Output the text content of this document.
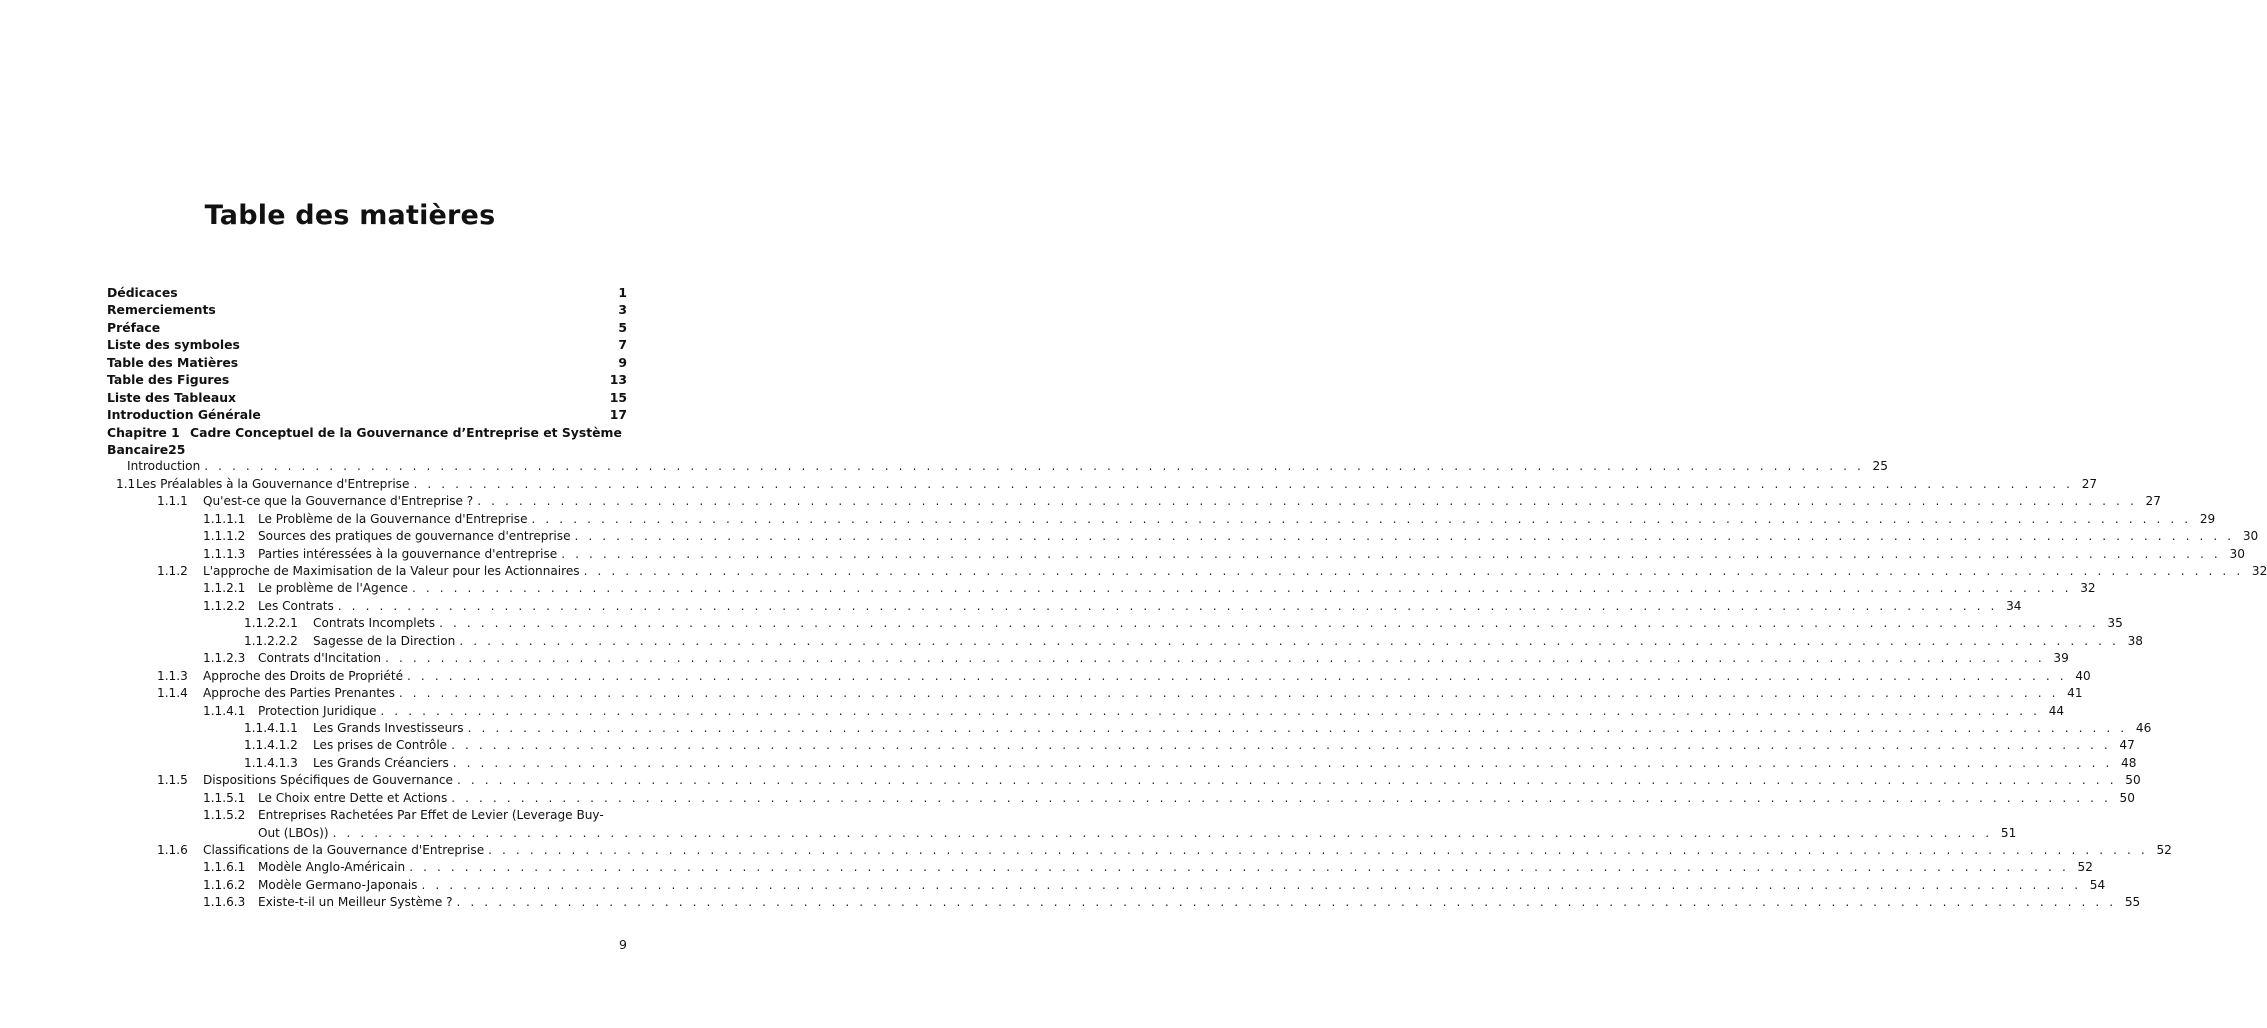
Table des matières
Dédicaces	1
Remerciements	3
Préface	5
Liste des symboles	7
Table des Matières	9
Table des Figures	13
Liste des Tableaux	15
Introduction Générale	17
Chapitre 1 Cadre Conceptuel de la Gouvernance d’Entreprise et Système
Bancaire 25
Introduction . . . . . . . . . . . . . . . . . . . . . . . . . . . . . . . . . . . . . . . . . . . . . . . . . . . . . . . . . . . . . . . . . . . . . . . . . . . . . . . . . . . . . . . . . . . . . . . . . . . . . . . . . . . . . . . . . . . . . . . . 25
1.1 Les Préalables à la Gouvernance d'Entreprise . . . . . . . . . . . . . . . . . . . . . . . . . . . . . . . . . . . . . . . . . . . . . . . . . . . . . . . . . . . . . . . . . . . . . . . . . . . . . . . . . . . . . . . . . . . . . . . . . . . . . . . . . . . . . . . . . . . . . . . . 27
1.1.1	Qu'est-ce que la Gouvernance d'Entreprise ? . . . . . . . . . . . . . . . . . . . . . . . . . . . . . . . . . . . . . . . . . . . . . . . . . . . . . . . . . . . . . . . . . . . . . . . . . . . . . . . . . . . . . . . . . . . . . . . . . . . . . . . . . . . . . . . . . . . . . . . . 27
1.1.1.1	Le Problème de la Gouvernance d'Entreprise . . . . . . . . . . . . . . . . . . . . . . . . . . . . . . . . . . . . . . . . . . . . . . . . . . . . . . . . . . . . . . . . . . . . . . . . . . . . . . . . . . . . . . . . . . . . . . . . . . . . . . . . . . . . . . . . . . . . . . . . 29
1.1.1.2	Sources des pratiques de gouvernance d'entreprise . . . . . . . . . . . . . . . . . . . . . . . . . . . . . . . . . . . . . . . . . . . . . . . . . . . . . . . . . . . . . . . . . . . . . . . . . . . . . . . . . . . . . . . . . . . . . . . . . . . . . . . . . . . . . . . . . . . . . . . . 30
1.1.1.3	Parties intéressées à la gouvernance d'entreprise . . . . . . . . . . . . . . . . . . . . . . . . . . . . . . . . . . . . . . . . . . . . . . . . . . . . . . . . . . . . . . . . . . . . . . . . . . . . . . . . . . . . . . . . . . . . . . . . . . . . . . . . . . . . . . . . . . . . . . . . 30
1.1.2	L'approche de Maximisation de la Valeur pour les Actionnaires . . . . . . . . . . . . . . . . . . . . . . . . . . . . . . . . . . . . . . . . . . . . . . . . . . . . . . . . . . . . . . . . . . . . . . . . . . . . . . . . . . . . . . . . . . . . . . . . . . . . . . . . . . . . . . . . . . . . . . . . 32
1.1.2.1	Le problème de l'Agence . . . . . . . . . . . . . . . . . . . . . . . . . . . . . . . . . . . . . . . . . . . . . . . . . . . . . . . . . . . . . . . . . . . . . . . . . . . . . . . . . . . . . . . . . . . . . . . . . . . . . . . . . . . . . . . . . . . . . . . . 32
1.1.2.2	Les Contrats . . . . . . . . . . . . . . . . . . . . . . . . . . . . . . . . . . . . . . . . . . . . . . . . . . . . . . . . . . . . . . . . . . . . . . . . . . . . . . . . . . . . . . . . . . . . . . . . . . . . . . . . . . . . . . . . . . . . . . . . 34
1.1.2.2.1	Contrats Incomplets . . . . . . . . . . . . . . . . . . . . . . . . . . . . . . . . . . . . . . . . . . . . . . . . . . . . . . . . . . . . . . . . . . . . . . . . . . . . . . . . . . . . . . . . . . . . . . . . . . . . . . . . . . . . . . . . . . . . . . . . 35
1.1.2.2.2	Sagesse de la Direction . . . . . . . . . . . . . . . . . . . . . . . . . . . . . . . . . . . . . . . . . . . . . . . . . . . . . . . . . . . . . . . . . . . . . . . . . . . . . . . . . . . . . . . . . . . . . . . . . . . . . . . . . . . . . . . . . . . . . . . . 38
1.1.2.3	Contrats d'Incitation . . . . . . . . . . . . . . . . . . . . . . . . . . . . . . . . . . . . . . . . . . . . . . . . . . . . . . . . . . . . . . . . . . . . . . . . . . . . . . . . . . . . . . . . . . . . . . . . . . . . . . . . . . . . . . . . . . . . . . . . 39
1.1.3	Approche des Droits de Propriété . . . . . . . . . . . . . . . . . . . . . . . . . . . . . . . . . . . . . . . . . . . . . . . . . . . . . . . . . . . . . . . . . . . . . . . . . . . . . . . . . . . . . . . . . . . . . . . . . . . . . . . . . . . . . . . . . . . . . . . . 40
1.1.4	Approche des Parties Prenantes . . . . . . . . . . . . . . . . . . . . . . . . . . . . . . . . . . . . . . . . . . . . . . . . . . . . . . . . . . . . . . . . . . . . . . . . . . . . . . . . . . . . . . . . . . . . . . . . . . . . . . . . . . . . . . . . . . . . . . . . 41
1.1.4.1	Protection Juridique . . . . . . . . . . . . . . . . . . . . . . . . . . . . . . . . . . . . . . . . . . . . . . . . . . . . . . . . . . . . . . . . . . . . . . . . . . . . . . . . . . . . . . . . . . . . . . . . . . . . . . . . . . . . . . . . . . . . . . . . 44
1.1.4.1.1	Les Grands Investisseurs . . . . . . . . . . . . . . . . . . . . . . . . . . . . . . . . . . . . . . . . . . . . . . . . . . . . . . . . . . . . . . . . . . . . . . . . . . . . . . . . . . . . . . . . . . . . . . . . . . . . . . . . . . . . . . . . . . . . . . . . 46
1.1.4.1.2	Les prises de Contrôle . . . . . . . . . . . . . . . . . . . . . . . . . . . . . . . . . . . . . . . . . . . . . . . . . . . . . . . . . . . . . . . . . . . . . . . . . . . . . . . . . . . . . . . . . . . . . . . . . . . . . . . . . . . . . . . . . . . . . . . . 47
1.1.4.1.3	Les Grands Créanciers . . . . . . . . . . . . . . . . . . . . . . . . . . . . . . . . . . . . . . . . . . . . . . . . . . . . . . . . . . . . . . . . . . . . . . . . . . . . . . . . . . . . . . . . . . . . . . . . . . . . . . . . . . . . . . . . . . . . . . . . 48
1.1.5	Dispositions Spécifiques de Gouvernance . . . . . . . . . . . . . . . . . . . . . . . . . . . . . . . . . . . . . . . . . . . . . . . . . . . . . . . . . . . . . . . . . . . . . . . . . . . . . . . . . . . . . . . . . . . . . . . . . . . . . . . . . . . . . . . . . . . . . . . . 50
1.1.5.1	Le Choix entre Dette et Actions . . . . . . . . . . . . . . . . . . . . . . . . . . . . . . . . . . . . . . . . . . . . . . . . . . . . . . . . . . . . . . . . . . . . . . . . . . . . . . . . . . . . . . . . . . . . . . . . . . . . . . . . . . . . . . . . . . . . . . . . 50
1.1.5.2	Entreprises Rachetées Par Effet de Levier (Leverage Buy-
Out (LBOs)) . . . . . . . . . . . . . . . . . . . . . . . . . . . . . . . . . . . . . . . . . . . . . . . . . . . . . . . . . . . . . . . . . . . . . . . . . . . . . . . . . . . . . . . . . . . . . . . . . . . . . . . . . . . . . . . . . . . . . . . . 51
1.1.6	Classifications de la Gouvernance d'Entreprise . . . . . . . . . . . . . . . . . . . . . . . . . . . . . . . . . . . . . . . . . . . . . . . . . . . . . . . . . . . . . . . . . . . . . . . . . . . . . . . . . . . . . . . . . . . . . . . . . . . . . . . . . . . . . . . . . . . . . . . . 52
1.1.6.1	Modèle Anglo-Américain . . . . . . . . . . . . . . . . . . . . . . . . . . . . . . . . . . . . . . . . . . . . . . . . . . . . . . . . . . . . . . . . . . . . . . . . . . . . . . . . . . . . . . . . . . . . . . . . . . . . . . . . . . . . . . . . . . . . . . . . 52
1.1.6.2	Modèle Germano-Japonais . . . . . . . . . . . . . . . . . . . . . . . . . . . . . . . . . . . . . . . . . . . . . . . . . . . . . . . . . . . . . . . . . . . . . . . . . . . . . . . . . . . . . . . . . . . . . . . . . . . . . . . . . . . . . . . . . . . . . . . . 54
1.1.6.3	Existe-t-il un Meilleur Système ? . . . . . . . . . . . . . . . . . . . . . . . . . . . . . . . . . . . . . . . . . . . . . . . . . . . . . . . . . . . . . . . . . . . . . . . . . . . . . . . . . . . . . . . . . . . . . . . . . . . . . . . . . . . . . . . . . . . . . . . . 55
9
